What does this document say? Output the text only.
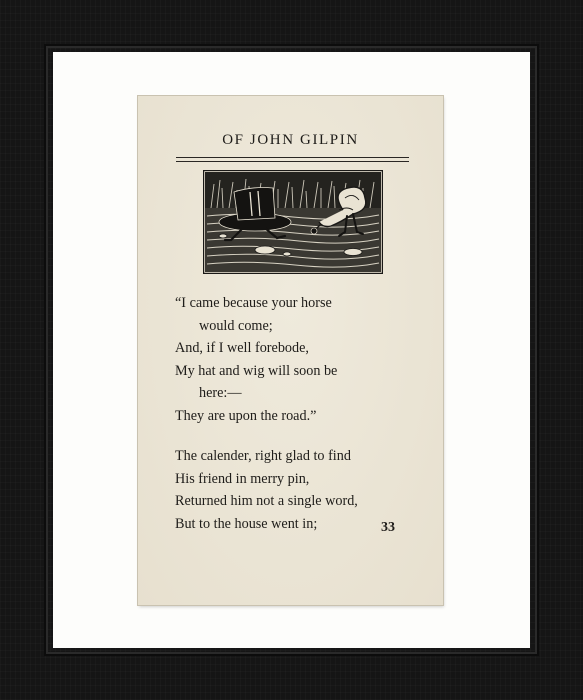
OF JOHN GILPIN
“I came because your horse
would come;
And, if I well forebode,
My hat and wig will soon be
here:—
They are upon the road.”
The calender, right glad to find
His friend in merry pin,
Returned him not a single word,
But to the house went in;	33
